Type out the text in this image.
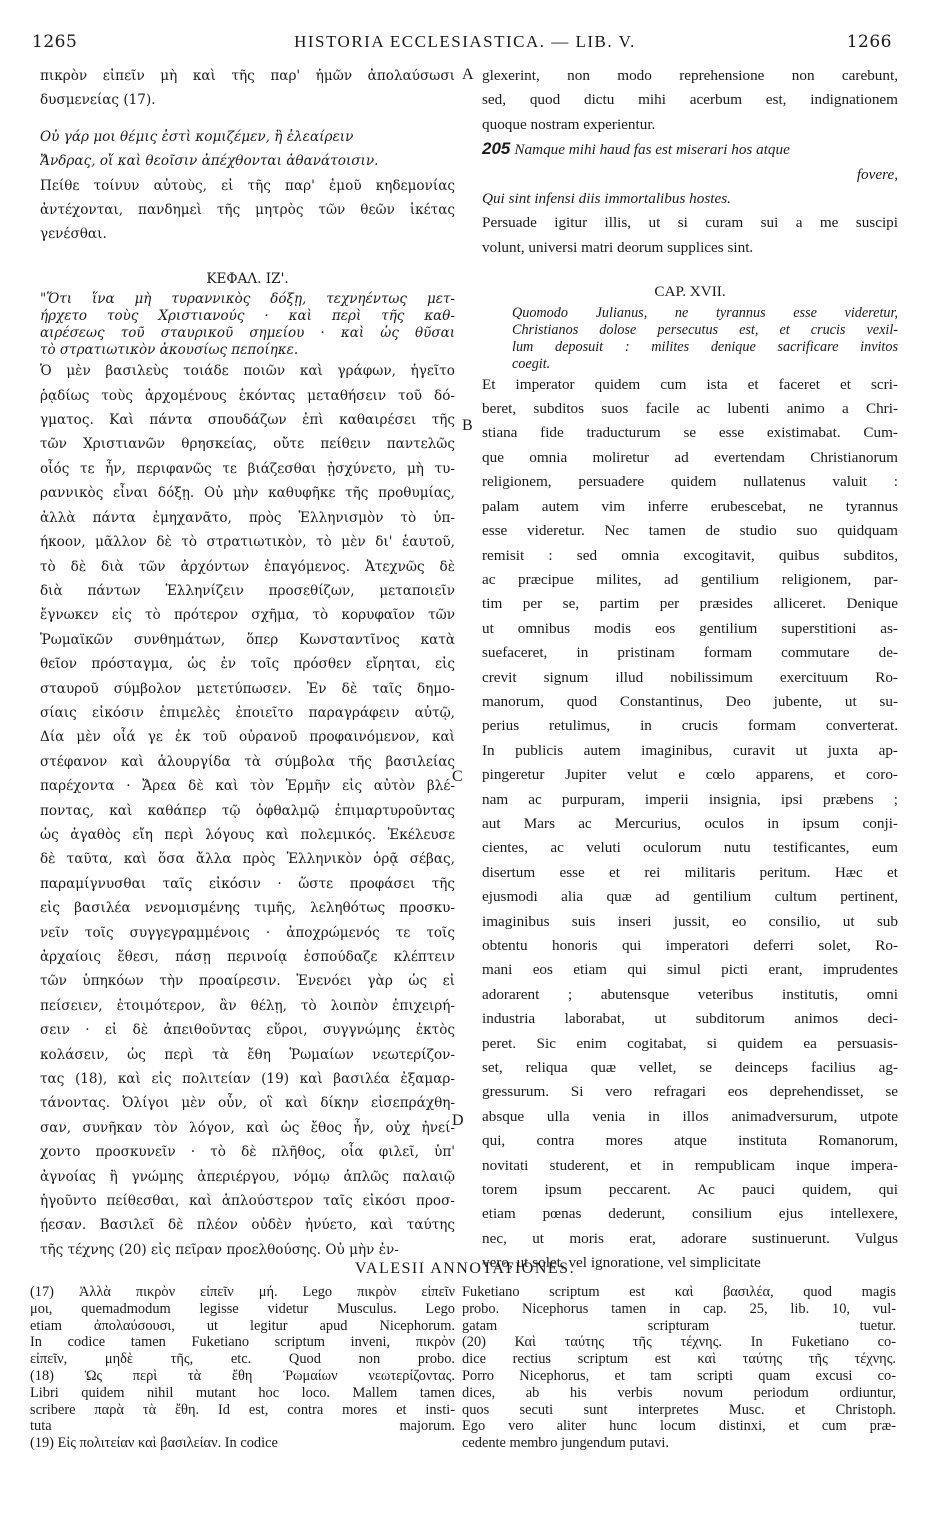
1265	HISTORIA ECCLESIASTICA. — LIB. V.	1266
A
B
C
D
πικρὸν εἰπεῖν μὴ καὶ τῆς παρ' ἡμῶν ἀπολαύσωσι
δυσμενείας (17).
Οὐ γάρ μοι θέμις ἐστὶ κομιζέμεν, ἢ ἐλεαίρειν
Ἄνδρας, οἵ καὶ θεοῖσιν ἀπέχθονται ἀθανάτοισιν.
Πείθε τοίνυν αὐτοὺς, εἰ τῆς παρ' ἐμοῦ κηδεμονίας
ἀντέχονται, πανδημεὶ τῆς μητρὸς τῶν θεῶν ἱκέτας
γενέσθαι.
ΚΕΦΑΛ. ΙΖ'.
"Ὅτι ἵνα μὴ τυραννικὸς δόξῃ, τεχνηέντως μετ-
ήρχετο τοὺς Χριστιανούς · καὶ περὶ τῆς καθ-
αιρέσεως τοῦ σταυρικοῦ σημείου · καὶ ὡς θῦσαι
τὸ στρατιωτικὸν ἀκουσίως πεποίηκε.
Ὁ μὲν βασιλεὺς τοιάδε ποιῶν καὶ γράφων, ἡγεῖτο
ῥᾳδίως τοὺς ἀρχομένους ἑκόντας μεταθήσειν τοῦ δό-
γματος. Καὶ πάντα σπουδάζων ἐπὶ καθαιρέσει τῆς
τῶν Χριστιανῶν θρησκείας, οὔτε πείθειν παντελῶς
οἷός τε ἦν, περιφανῶς τε βιάζεσθαι ᾐσχύνετο, μὴ τυ-
ραννικὸς εἶναι δόξῃ. Οὐ μὴν καθυφῆκε τῆς προθυμίας,
ἀλλὰ πάντα ἐμηχανᾶτο, πρὸς Ἑλληνισμὸν τὸ ὑπ-
ήκοον, μᾶλλον δὲ τὸ στρατιωτικὸν, τὸ μὲν δι' ἑαυτοῦ,
τὸ δὲ διὰ τῶν ἀρχόντων ἐπαγόμενος. Ἀτεχνῶς δὲ
διὰ πάντων Ἑλληνίζειν προσεθίζων, μεταποιεῖν
ἔγνωκεν εἰς τὸ πρότερον σχῆμα, τὸ κορυφαῖον τῶν
Ῥωμαϊκῶν συνθημάτων, ὅπερ Κωνσταντῖνος κατὰ
θεῖον πρόσταγμα, ὡς ἐν τοῖς πρόσθεν εἴρηται, εἰς
σταυροῦ σύμβολον μετετύπωσεν. Ἐν δὲ ταῖς δημο-
σίαις εἰκόσιν ἐπιμελὲς ἐποιεῖτο παραγράφειν αὐτῷ,
Δία μὲν οἷά γε ἐκ τοῦ οὐρανοῦ προφαινόμενον, καὶ
στέφανον καὶ ἁλουργίδα τὰ σύμβολα τῆς βασιλείας
παρέχοντα · Ἄρεα δὲ καὶ τὸν Ἑρμῆν εἰς αὐτὸν βλέ-
ποντας, καὶ καθάπερ τῷ ὀφθαλμῷ ἐπιμαρτυροῦντας
ὡς ἀγαθὸς εἴη περὶ λόγους καὶ πολεμικός. Ἐκέλευσε
δὲ ταῦτα, καὶ ὅσα ἄλλα πρὸς Ἑλληνικὸν ὁρᾷ σέβας,
παραμίγνυσθαι ταῖς εἰκόσιν · ὥστε προφάσει τῆς
εἰς βασιλέα νενομισμένης τιμῆς, λεληθότως προσκυ-
νεῖν τοῖς συγγεγραμμένοις · ἀποχρώμενός τε τοῖς
ἀρχαίοις ἔθεσι, πάσῃ περινοίᾳ ἐσπούδαζε κλέπτειν
τῶν ὑπηκόων τὴν προαίρεσιν. Ἐνενόει γὰρ ὡς εἰ
πείσειεν, ἑτοιμότερον, ἂν θέλῃ, τὸ λοιπὸν ἐπιχειρή-
σειν · εἰ δὲ ἀπειθοῦντας εὕροι, συγγνώμης ἐκτὸς
κολάσειν, ὡς περὶ τὰ ἔθη Ῥωμαίων νεωτερίζον-
τας (18), καὶ εἰς πολιτείαν (19) καὶ βασιλέα ἐξαμαρ-
τάνοντας. Ὀλίγοι μὲν οὖν, οἳ καὶ δίκην εἰσεπράχθη-
σαν, συνῆκαν τὸν λόγον, καὶ ὡς ἔθος ἦν, οὐχ ἠνεί-
χοντο προσκυνεῖν · τὸ δὲ πλῆθος, οἷα φιλεῖ, ὑπ'
ἀγνοίας ἢ γνώμης ἀπεριέργου, νόμῳ ἁπλῶς παλαιῷ
ἡγοῦντο πείθεσθαι, καὶ ἁπλούστερον ταῖς εἰκόσι προσ-
ῄεσαν. Βασιλεῖ δὲ πλέον οὐδὲν ἠνύετο, καὶ ταύτης
τῆς τέχνης (20) εἰς πεῖραν προελθούσης. Οὐ μὴν ἐν-
glexerint, non modo reprehensione non carebunt,
sed, quod dictu mihi acerbum est, indignationem
quoque nostram experientur.
205 Namque mihi haud fas est miserari hos atque
fovere,
Qui sint infensi diis immortalibus hostes.
Persuade igitur illis, ut si curam sui a me suscipi
volunt, universi matri deorum supplices sint.
CAP. XVII.
Quomodo Julianus, ne tyrannus esse videretur,
Christianos dolose persecutus est, et crucis vexil-
lum deposuit : milites denique sacrificare invitos
coegit.
Et imperator quidem cum ista et faceret et scri-
beret, subditos suos facile ac lubenti animo a Chri-
stiana fide traducturum se esse existimabat. Cum-
que omnia moliretur ad evertendam Christianorum
religionem, persuadere quidem nullatenus valuit :
palam autem vim inferre erubescebat, ne tyrannus
esse videretur. Nec tamen de studio suo quidquam
remisit : sed omnia excogitavit, quibus subditos,
ac præcipue milites, ad gentilium religionem, par-
tim per se, partim per præsides alliceret. Denique
ut omnibus modis eos gentilium superstitioni as-
suefaceret, in pristinam formam commutare de-
crevit signum illud nobilissimum exercituum Ro-
manorum, quod Constantinus, Deo jubente, ut su-
perius retulimus, in crucis formam converterat.
In publicis autem imaginibus, curavit ut juxta ap-
pingeretur Jupiter velut e cœlo apparens, et coro-
nam ac purpuram, imperii insignia, ipsi præbens ;
aut Mars ac Mercurius, oculos in ipsum conji-
cientes, ac veluti oculorum nutu testificantes, eum
disertum esse et rei militaris peritum. Hæc et
ejusmodi alia quæ ad gentilium cultum pertinent,
imaginibus suis inseri jussit, eo consilio, ut sub
obtentu honoris qui imperatori deferri solet, Ro-
mani eos etiam qui simul picti erant, imprudentes
adorarent ; abutensque veteribus institutis, omni
industria laborabat, ut subditorum animos deci-
peret. Sic enim cogitabat, si quidem ea persuasis-
set, reliqua quæ vellet, se deinceps facilius ag-
gressurum. Si vero refragari eos deprehendisset, se
absque ulla venia in illos animadversurum, utpote
qui, contra mores atque instituta Romanorum,
novitati studerent, et in rempublicam inque impera-
torem ipsum peccarent. Ac pauci quidem, qui
etiam pœnas dederunt, consilium ejus intellexere,
nec, ut moris erat, adorare sustinuerunt. Vulgus
vero, ut solet, vel ignoratione, vel simplicitate
VALESII ANNOTATIONES.
(17) Ἀλλὰ πικρὸν εἰπεῖν μή. Lego πικρὸν εἰπεῖν
μοι, quemadmodum legisse videtur Musculus. Lego
etiam ἀπολαύσουσι, ut legitur apud Nicephorum.
In codice tamen Fuketiano scriptum inveni, πικρὸν
εἰπεῖν, μηδὲ τῆς, etc. Quod non probo.
(18) Ὡς περὶ τὰ ἔθη Ῥωμαίων νεωτερίζοντας.
Libri quidem nihil mutant hoc loco. Mallem tamen
scribere παρὰ τὰ ἔθη. Id est, contra mores et insti-
tuta majorum.
(19) Εἰς πολιτείαν καὶ βασιλείαν. In codice
Fuketiano scriptum est καὶ βασιλέα, quod magis
probo. Nicephorus tamen in cap. 25, lib. 10, vul-
gatam scripturam tuetur.
(20) Καὶ ταύτης τῆς τέχνης. In Fuketiano co-
dice rectius scriptum est καὶ ταύτης τῆς τέχνης.
Porro Nicephorus, et tam scripti quam excusi co-
dices, ab his verbis novum periodum ordiuntur,
quos secuti sunt interpretes Musc. et Christoph.
Ego vero aliter hunc locum distinxi, et cum præ-
cedente membro jungendum putavi.
